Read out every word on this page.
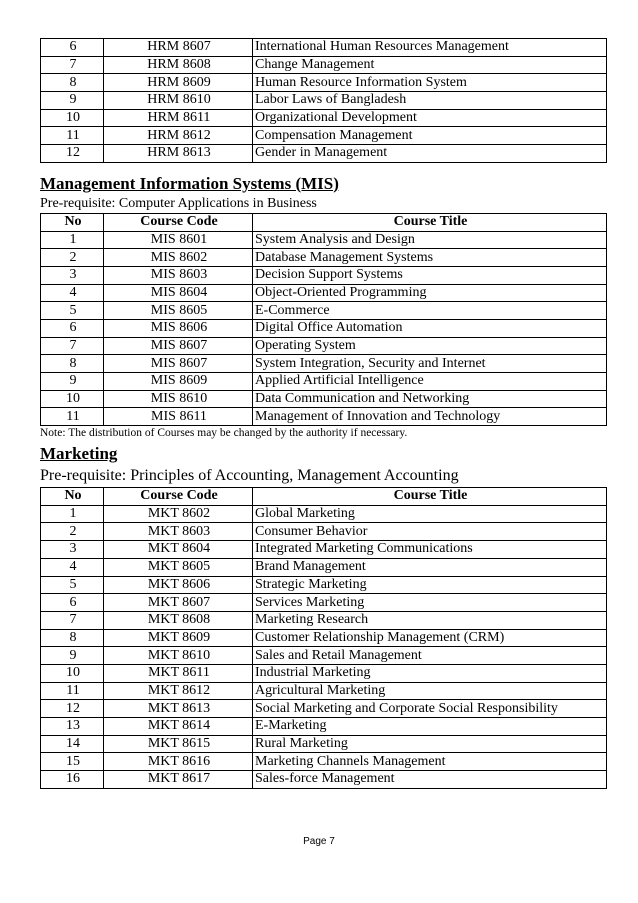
6	HRM 8607	International Human Resources Management
7	HRM 8608	Change Management
8	HRM 8609	Human Resource Information System
9	HRM 8610	Labor Laws of Bangladesh
10	HRM 8611	Organizational Development
11	HRM 8612	Compensation Management
12	HRM 8613	Gender in Management
Management Information Systems (MIS)
Pre-requisite: Computer Applications in Business
No	Course Code	Course Title
1	MIS 8601	System Analysis and Design
2	MIS 8602	Database Management Systems
3	MIS 8603	Decision Support Systems
4	MIS 8604	Object-Oriented Programming
5	MIS 8605	E-Commerce
6	MIS 8606	Digital Office Automation
7	MIS 8607	Operating System
8	MIS 8607	System Integration, Security and Internet
9	MIS 8609	Applied Artificial Intelligence
10	MIS 8610	Data Communication and Networking
11	MIS 8611	Management of Innovation and Technology
Note: The distribution of Courses may be changed by the authority if necessary.
Marketing
Pre-requisite: Principles of Accounting, Management Accounting
No	Course Code	Course Title
1	MKT 8602	Global Marketing
2	MKT 8603	Consumer Behavior
3	MKT 8604	Integrated Marketing Communications
4	MKT 8605	Brand Management
5	MKT 8606	Strategic Marketing
6	MKT 8607	Services Marketing
7	MKT 8608	Marketing Research
8	MKT 8609	Customer Relationship Management (CRM)
9	MKT 8610	Sales and Retail Management
10	MKT 8611	Industrial Marketing
11	MKT 8612	Agricultural Marketing
12	MKT 8613	Social Marketing and Corporate Social Responsibility
13	MKT 8614	E-Marketing
14	MKT 8615	Rural Marketing
15	MKT 8616	Marketing Channels Management
16	MKT 8617	Sales-force Management
Page 7
